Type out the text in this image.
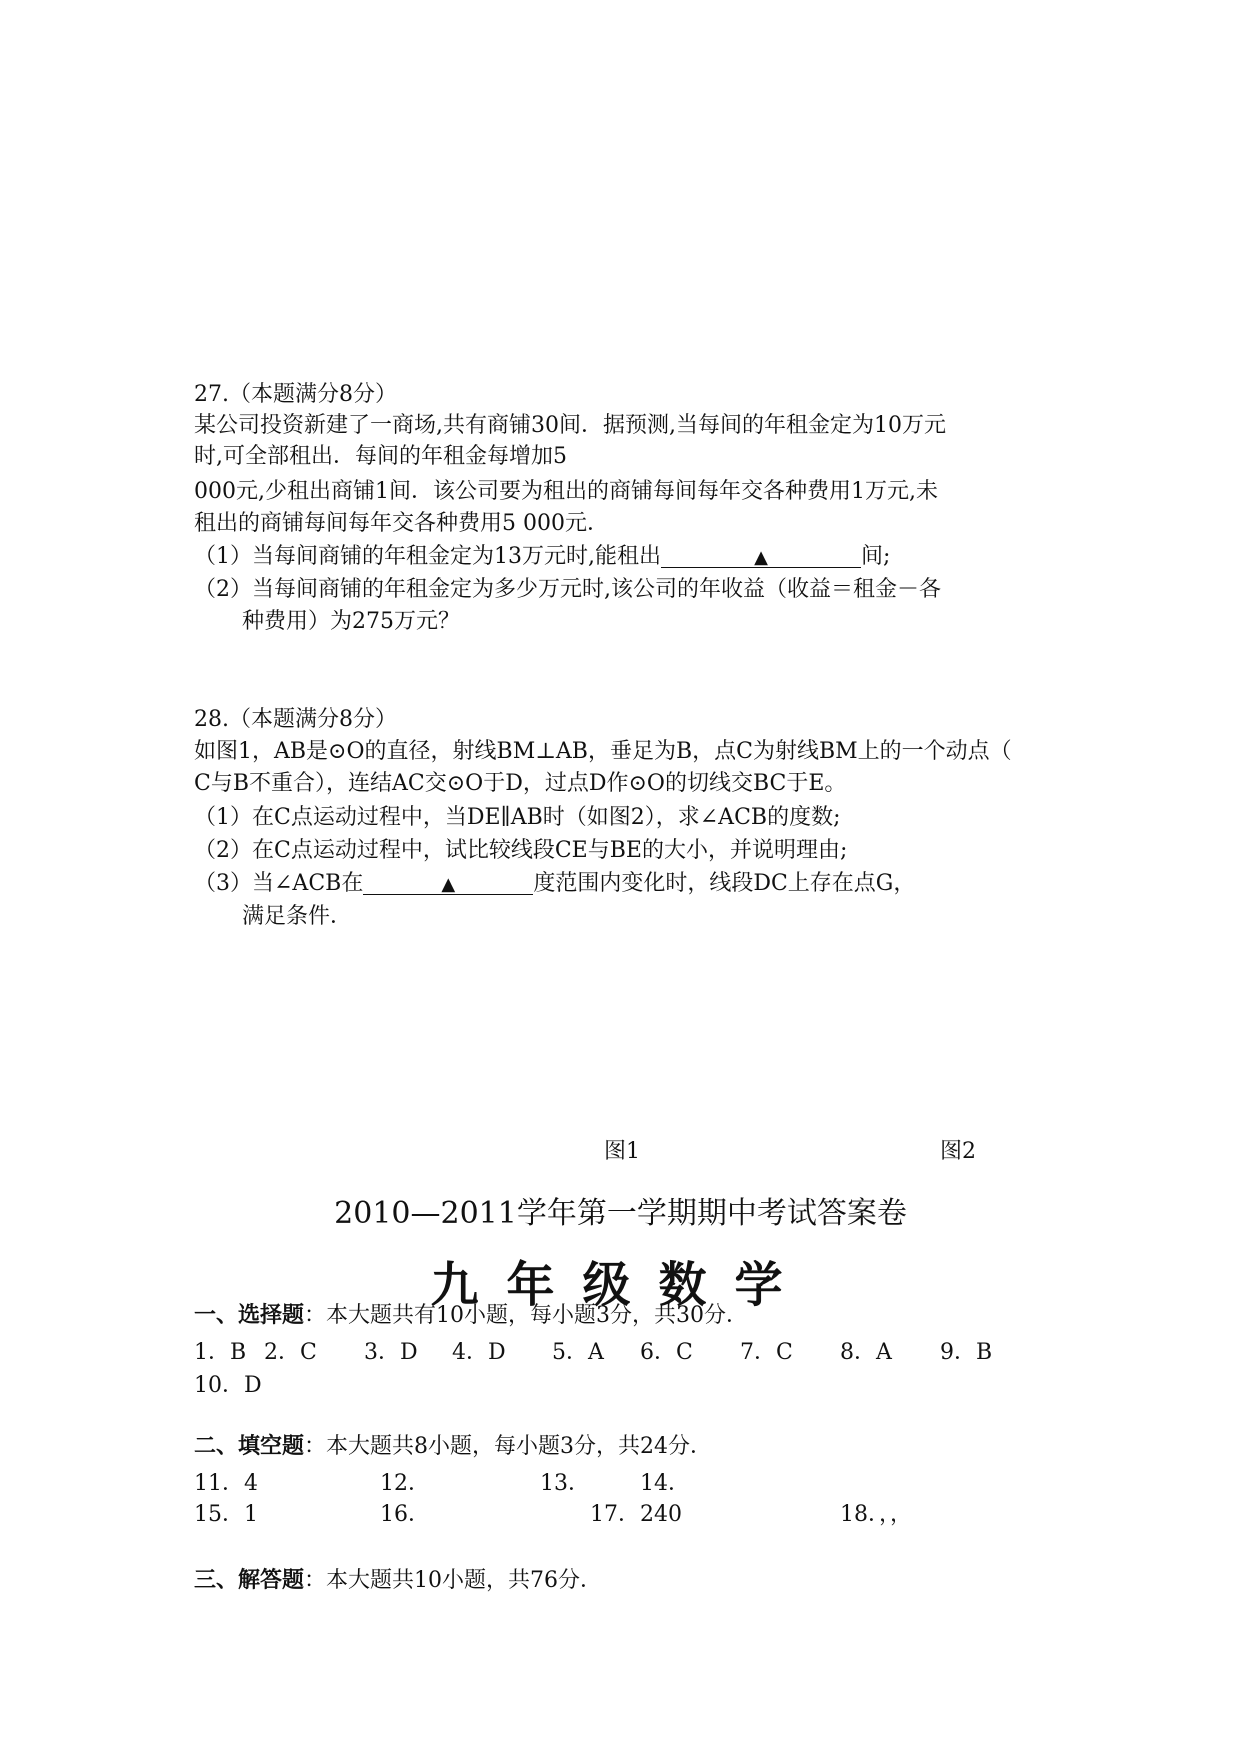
27.（本题满分8分）
某公司投资新建了一商场,共有商铺30间．据预测,当每间的年租金定为10万元
时,可全部租出．每间的年租金每增加5
000元,少租出商铺1间．该公司要为租出的商铺每间每年交各种费用1万元,未
租出的商铺每间每年交各种费用5 000元．
（1）当每间商铺的年租金定为13万元时,能租出	▲	间;
（2）当每间商铺的年租金定为多少万元时,该公司的年收益（收益＝租金－各
种费用）为275万元？
28.（本题满分8分）
如图1，AB是⊙O的直径，射线BM⊥AB，垂足为B，点C为射线BM上的一个动点（
C与B不重合），连结AC交⊙O于D，过点D作⊙O的切线交BC于E。
（1）在C点运动过程中，当DE∥AB时（如图2），求∠ACB的度数;
（2）在C点运动过程中，试比较线段CE与BE的大小，并说明理由;
（3）当∠ACB在	▲	度范围内变化时，线段DC上存在点G，
满足条件．
图1	图2
2010—2011学年第一学期期中考试答案卷
九年级数学
一、选择题：本大题共有10小题，每小题3分，共30分．
1．B 2．C 3．D 4．D 5．A 6．C 7．C 8．A 9．B
10．D
二、填空题：本大题共8小题，每小题3分，共24分．
11．4	12．	13． 14．
15．1	16．	17．240	18．，，
三、解答题：本大题共10小题，共76分．
